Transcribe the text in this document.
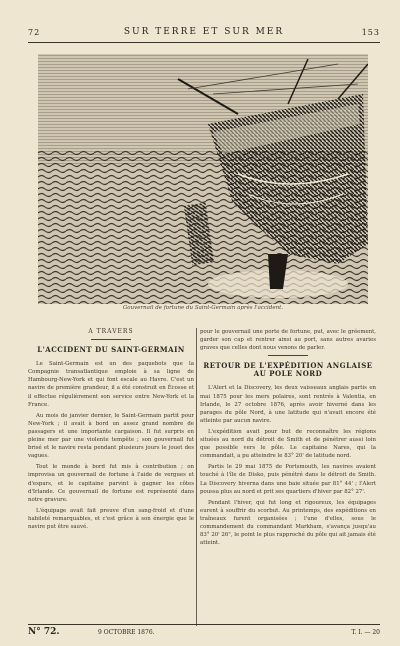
72	SUR TERRE ET SUR MER	153
Gouvernail de fortune du Saint-Germain après l'accident.
A TRAVERS
L'ACCIDENT DU SAINT-GERMAIN

Le Saint-Germain est un des paquebots que la Compagnie transatlantique emploie à sa ligne de Hambourg-New-York et qui font escale au Havre. C'est un navire de première grandeur, il a été construit en Écosse et il effectue régulièrement son service entre New-York et la France.

Au mois de janvier dernier, le Saint-Germain partit pour New-York ; il avait à bord un assez grand nombre de passagers et une importante cargaison. Il fut surpris en pleine mer par une violente tempête ; son gouvernail fut brisé et le navire resta pendant plusieurs jours le jouet des vagues.

Tout le monde à bord fut mis à contribution ; on improvisa un gouvernail de fortune à l'aide de vergues et d'espars, et le capitaine parvint à gagner les côtes d'Irlande. Ce gouvernail de fortune est représenté dans notre gravure.

L'équipage avait fait preuve d'un sang-froid et d'une habileté remarquables, et c'est grâce à son énergie que le navire put être sauvé.

pour le gouvernail une porte de fortune, put, avec le gréement, garder son cap et rentrer ainsi au port, sans autres avaries graves que celles dont nous venons de parler.

RETOUR DE L'EXPÉDITION ANGLAISE AU POLE NORD

L'Alert et la Discovery, les deux vaisseaux anglais partis en mai 1875 pour les mers polaires, sont rentrés à Valentia, en Irlande, le 27 octobre 1876, après avoir hiverné dans les parages du pôle Nord, à une latitude qui n'avait encore été atteinte par aucun navire.

L'expédition avait pour but de reconnaître les régions situées au nord du détroit de Smith et de pénétrer aussi loin que possible vers le pôle. Le capitaine Nares, qui la commandait, a pu atteindre le 83° 20' de latitude nord.

Partis le 29 mai 1875 de Portsmouth, les navires avaient touché à l'île de Disko, puis pénétré dans le détroit de Smith. La Discovery hiverna dans une baie située par 81° 44' ; l'Alert poussa plus au nord et prit ses quartiers d'hiver par 82° 27'.

Pendant l'hiver, qui fut long et rigoureux, les équipages eurent à souffrir du scorbut. Au printemps, des expéditions en traîneaux furent organisées ; l'une d'elles, sous le commandement du commandant Markham, s'avança jusqu'au 83° 20' 26", le point le plus rapproché du pôle qui ait jamais été atteint.

N° 72.	9 OCTOBRE 1876.	T. I. — 20
